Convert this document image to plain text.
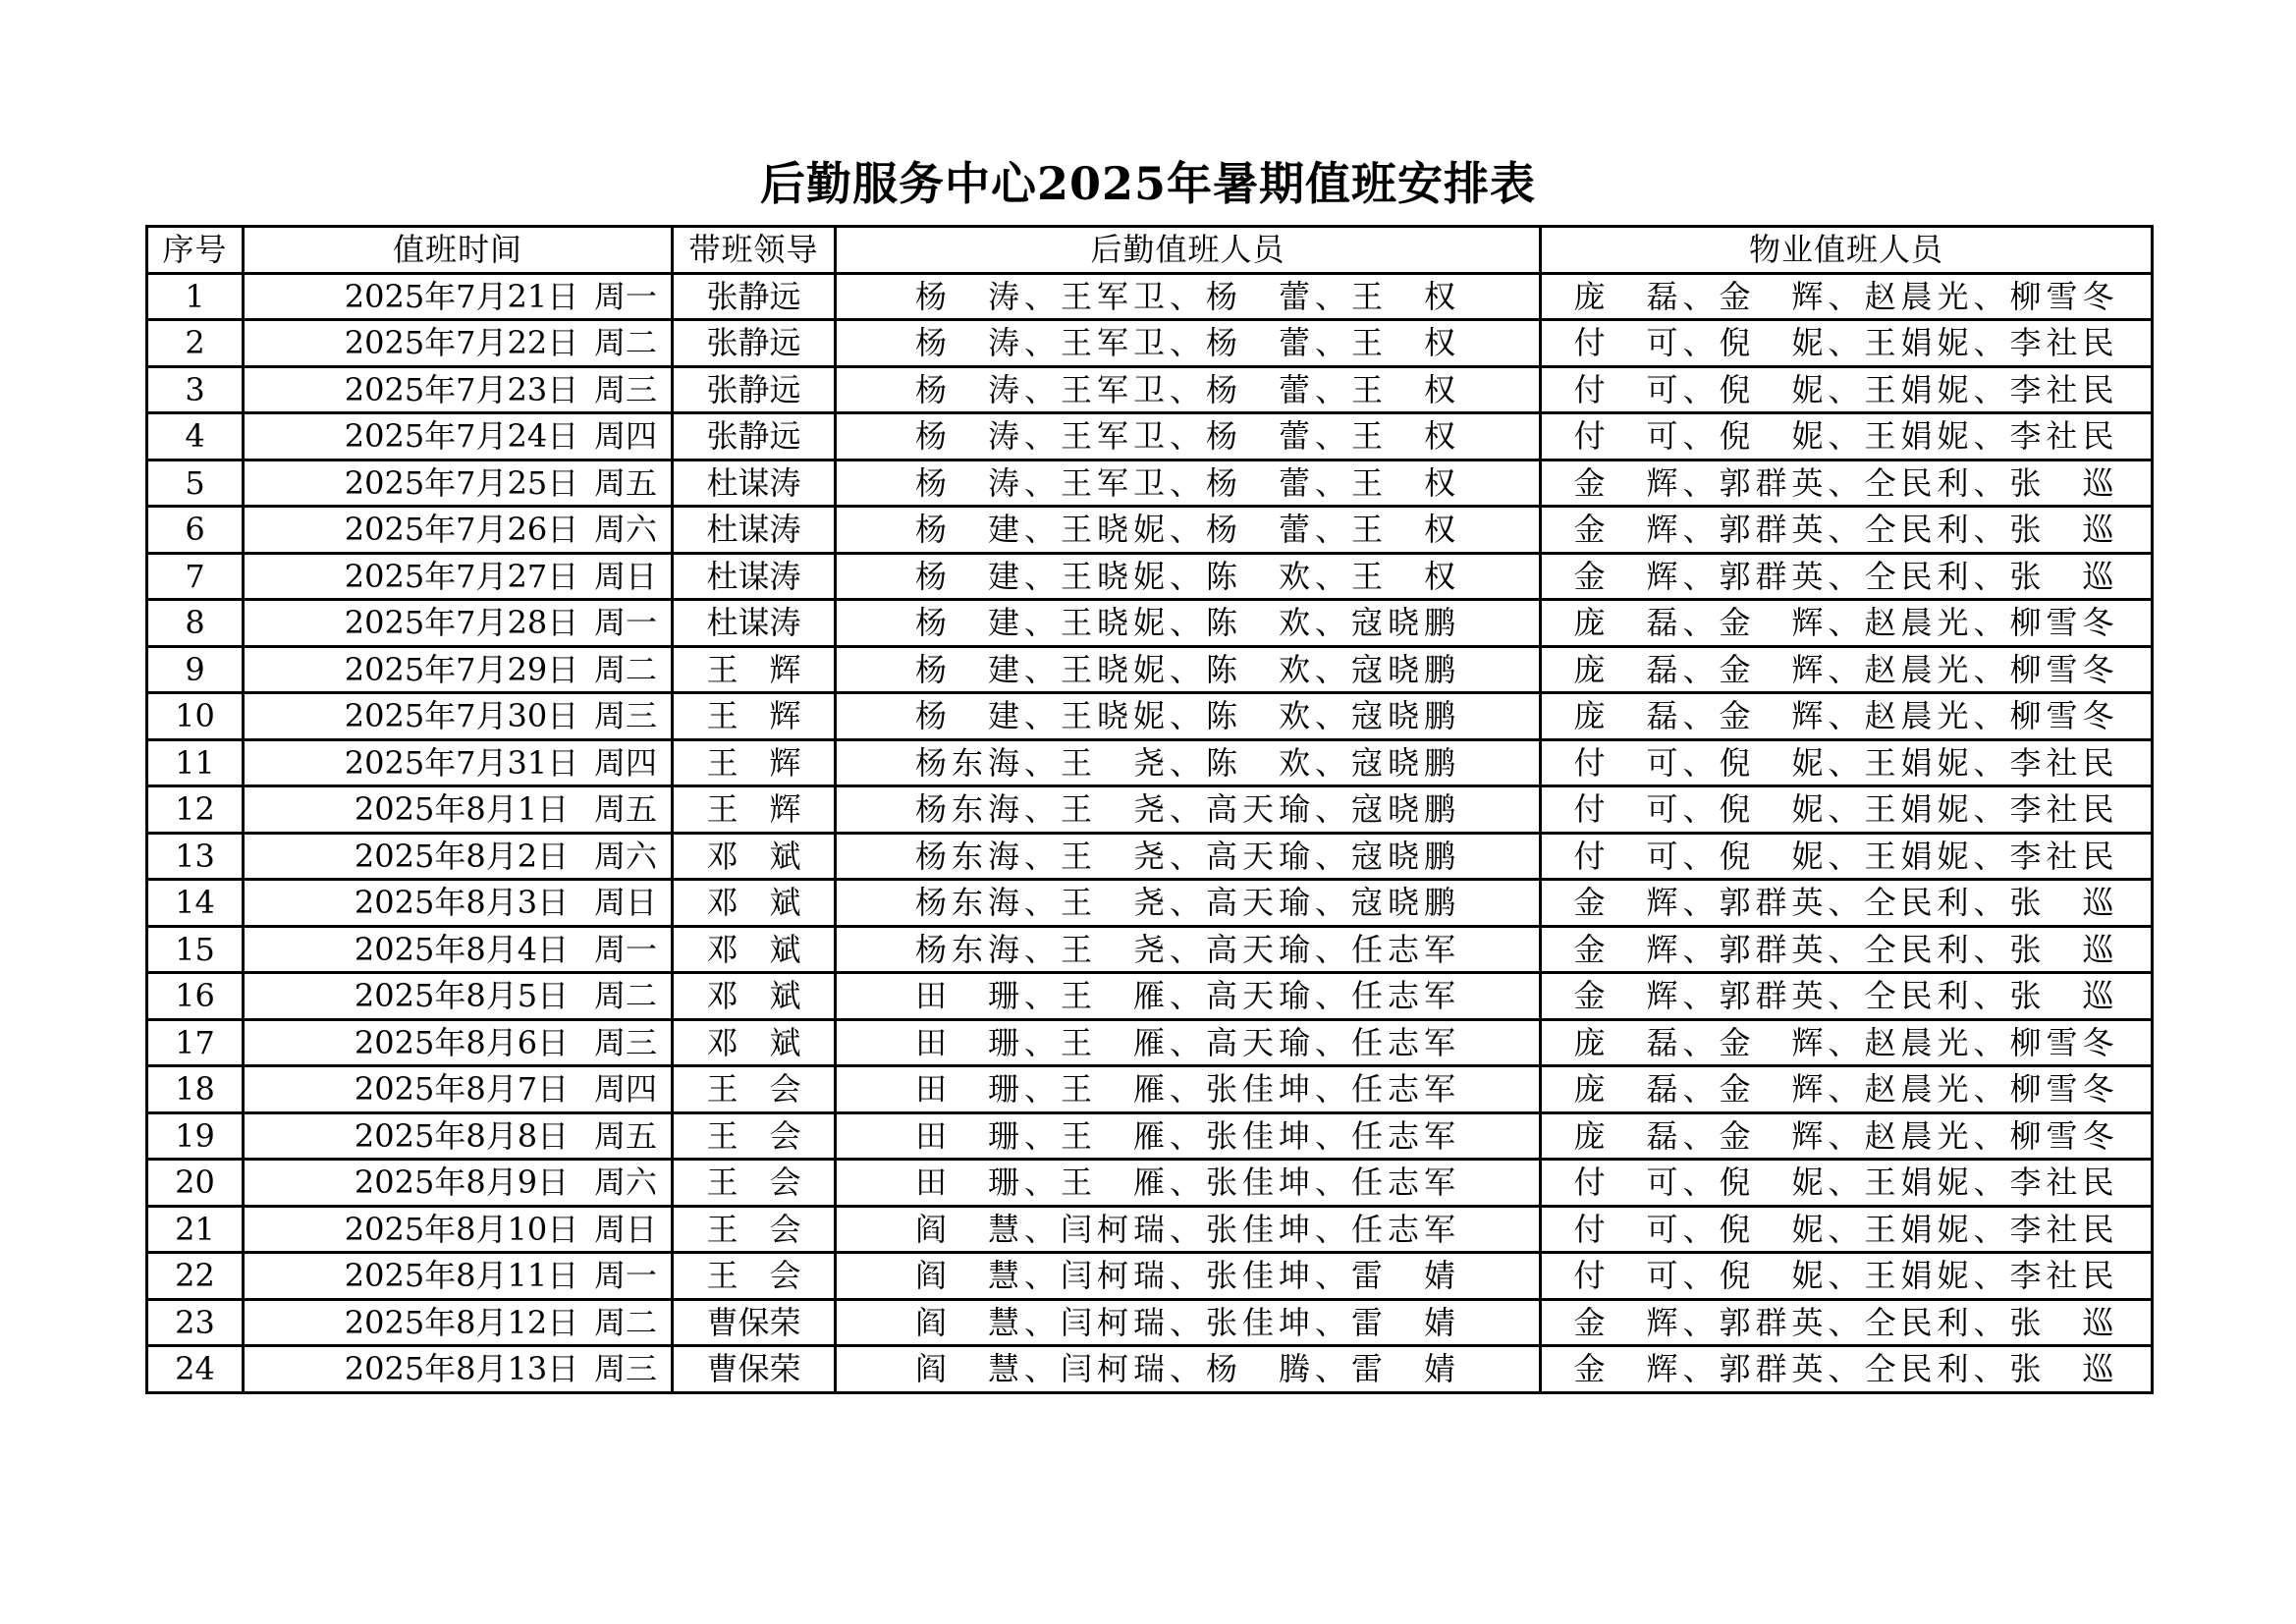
后勤服务中心2025年暑期值班安排表
序号	值班时间	带班领导	后勤值班人员	物业值班人员
1	2025年7月21日 周一	张静远	杨　涛、王军卫、杨　蕾、王　权	庞　磊、金　辉、赵晨光、柳雪冬
2	2025年7月22日 周二	张静远	杨　涛、王军卫、杨　蕾、王　权	付　可、倪　妮、王娟妮、李社民
3	2025年7月23日 周三	张静远	杨　涛、王军卫、杨　蕾、王　权	付　可、倪　妮、王娟妮、李社民
4	2025年7月24日 周四	张静远	杨　涛、王军卫、杨　蕾、王　权	付　可、倪　妮、王娟妮、李社民
5	2025年7月25日 周五	杜谋涛	杨　涛、王军卫、杨　蕾、王　权	金　辉、郭群英、仝民利、张　巡
6	2025年7月26日 周六	杜谋涛	杨　建、王晓妮、杨　蕾、王　权	金　辉、郭群英、仝民利、张　巡
7	2025年7月27日 周日	杜谋涛	杨　建、王晓妮、陈　欢、王　权	金　辉、郭群英、仝民利、张　巡
8	2025年7月28日 周一	杜谋涛	杨　建、王晓妮、陈　欢、寇晓鹏	庞　磊、金　辉、赵晨光、柳雪冬
9	2025年7月29日 周二	王　辉	杨　建、王晓妮、陈　欢、寇晓鹏	庞　磊、金　辉、赵晨光、柳雪冬
10	2025年7月30日 周三	王　辉	杨　建、王晓妮、陈　欢、寇晓鹏	庞　磊、金　辉、赵晨光、柳雪冬
11	2025年7月31日 周四	王　辉	杨东海、王　尧、陈　欢、寇晓鹏	付　可、倪　妮、王娟妮、李社民
12	2025年8月1日 周五	王　辉	杨东海、王　尧、高天瑜、寇晓鹏	付　可、倪　妮、王娟妮、李社民
13	2025年8月2日 周六	邓　斌	杨东海、王　尧、高天瑜、寇晓鹏	付　可、倪　妮、王娟妮、李社民
14	2025年8月3日 周日	邓　斌	杨东海、王　尧、高天瑜、寇晓鹏	金　辉、郭群英、仝民利、张　巡
15	2025年8月4日 周一	邓　斌	杨东海、王　尧、高天瑜、任志军	金　辉、郭群英、仝民利、张　巡
16	2025年8月5日 周二	邓　斌	田　珊、王　雁、高天瑜、任志军	金　辉、郭群英、仝民利、张　巡
17	2025年8月6日 周三	邓　斌	田　珊、王　雁、高天瑜、任志军	庞　磊、金　辉、赵晨光、柳雪冬
18	2025年8月7日 周四	王　会	田　珊、王　雁、张佳坤、任志军	庞　磊、金　辉、赵晨光、柳雪冬
19	2025年8月8日 周五	王　会	田　珊、王　雁、张佳坤、任志军	庞　磊、金　辉、赵晨光、柳雪冬
20	2025年8月9日 周六	王　会	田　珊、王　雁、张佳坤、任志军	付　可、倪　妮、王娟妮、李社民
21	2025年8月10日 周日	王　会	阎　慧、闫柯瑞、张佳坤、任志军	付　可、倪　妮、王娟妮、李社民
22	2025年8月11日 周一	王　会	阎　慧、闫柯瑞、张佳坤、雷　婧	付　可、倪　妮、王娟妮、李社民
23	2025年8月12日 周二	曹保荣	阎　慧、闫柯瑞、张佳坤、雷　婧	金　辉、郭群英、仝民利、张　巡
24	2025年8月13日 周三	曹保荣	阎　慧、闫柯瑞、杨　腾、雷　婧	金　辉、郭群英、仝民利、张　巡
